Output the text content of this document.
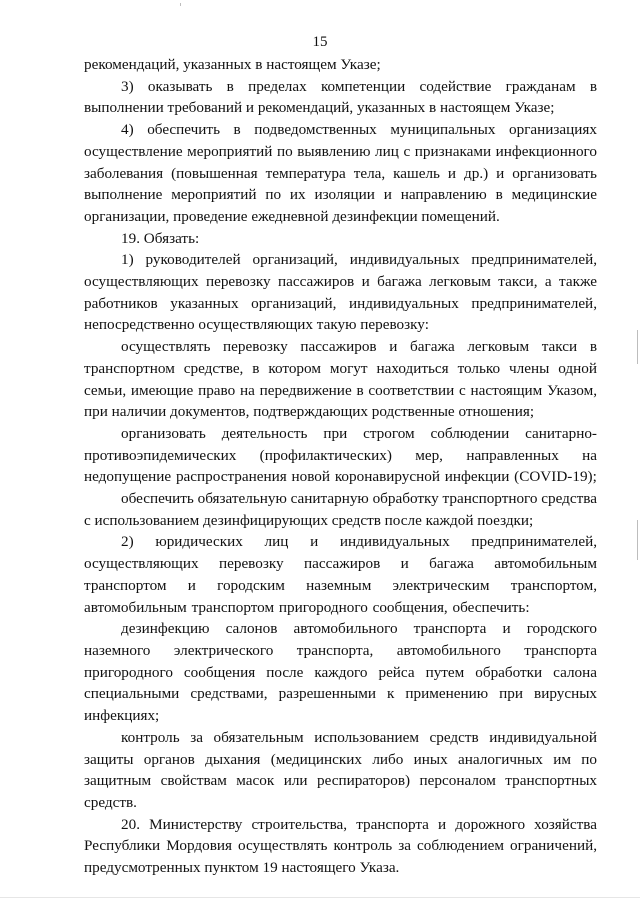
15

рекомендаций, указанных в настоящем Указе;

3) оказывать в пределах компетенции содействие гражданам в выполнении требований и рекомендаций, указанных в настоящем Указе;

4) обеспечить в подведомственных муниципальных организациях осуществление мероприятий по выявлению лиц с признаками инфекционного заболевания (повышенная температура тела, кашель и др.) и организовать выполнение мероприятий по их изоляции и направлению в медицинские организации, проведение ежедневной дезинфекции помещений.

19. Обязать:

1) руководителей организаций, индивидуальных предпринимателей, осуществляющих перевозку пассажиров и багажа легковым такси, а также работников указанных организаций, индивидуальных предпринимателей, непосредственно осуществляющих такую перевозку:

осуществлять перевозку пассажиров и багажа легковым такси в транспортном средстве, в котором могут находиться только члены одной семьи, имеющие право на передвижение в соответствии с настоящим Указом, при наличии документов, подтверждающих родственные отношения;

организовать деятельность при строгом соблюдении санитарно-противоэпидемических (профилактических) мер, направленных на недопущение распространения новой коронавирусной инфекции (COVID-19);

обеспечить обязательную санитарную обработку транспортного средства с использованием дезинфицирующих средств после каждой поездки;

2) юридических лиц и индивидуальных предпринимателей, осуществляющих перевозку пассажиров и багажа автомобильным транспортом и городским наземным электрическим транспортом, автомобильным транспортом пригородного сообщения, обеспечить:

дезинфекцию салонов автомобильного транспорта и городского наземного электрического транспорта, автомобильного транспорта пригородного сообщения после каждого рейса путем обработки салона специальными средствами, разрешенными к применению при вирусных инфекциях;

контроль за обязательным использованием средств индивидуальной защиты органов дыхания (медицинских либо иных аналогичных им по защитным свойствам масок или респираторов) персоналом транспортных средств.

20. Министерству строительства, транспорта и дорожного хозяйства Республики Мордовия осуществлять контроль за соблюдением ограничений, предусмотренных пунктом 19 настоящего Указа.
